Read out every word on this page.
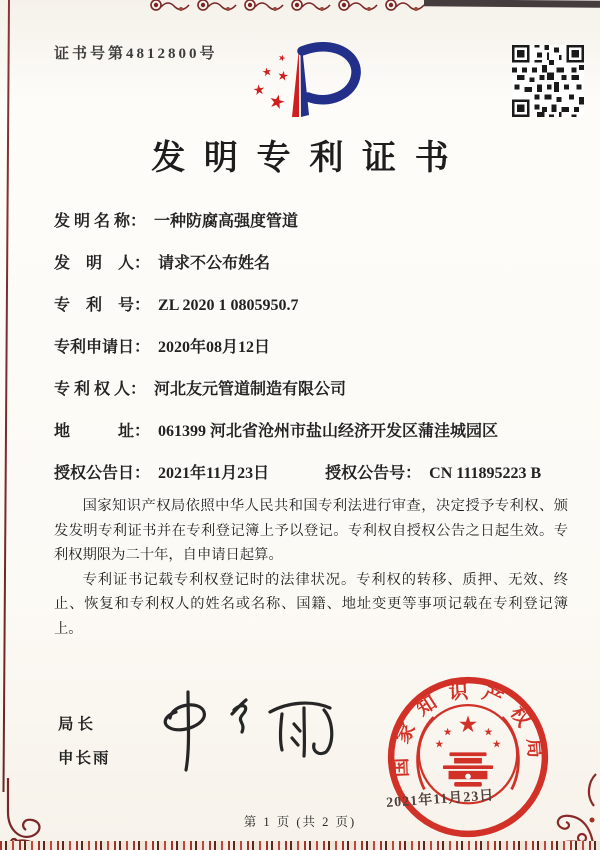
证书号第4812800号
发明专利证书
发 明 名 称： 一种防腐高强度管道
发　明　人： 请求不公布姓名
专　利　号： ZL 2020 1 0805950.7
专利申请日： 2020年08月12日
专 利 权 人： 河北友元管道制造有限公司
地　　　址： 061399 河北省沧州市盐山经济开发区蒲洼城园区
授权公告日： 2021年11月23日	授权公告号： CN 111895223 B

国家知识产权局依照中华人民共和国专利法进行审查，决定授予专利权、颁发发明专利证书并在专利登记簿上予以登记。专利权自授权公告之日起生效。专利权期限为二十年，自申请日起算。

专利证书记载专利权登记时的法律状况。专利权的转移、质押、无效、终止、恢复和专利权人的姓名或名称、国籍、地址变更等事项记载在专利登记簿上。

局长
申长雨	国家知识产权局
2021年11月23日
第 1 页 (共 2 页)
